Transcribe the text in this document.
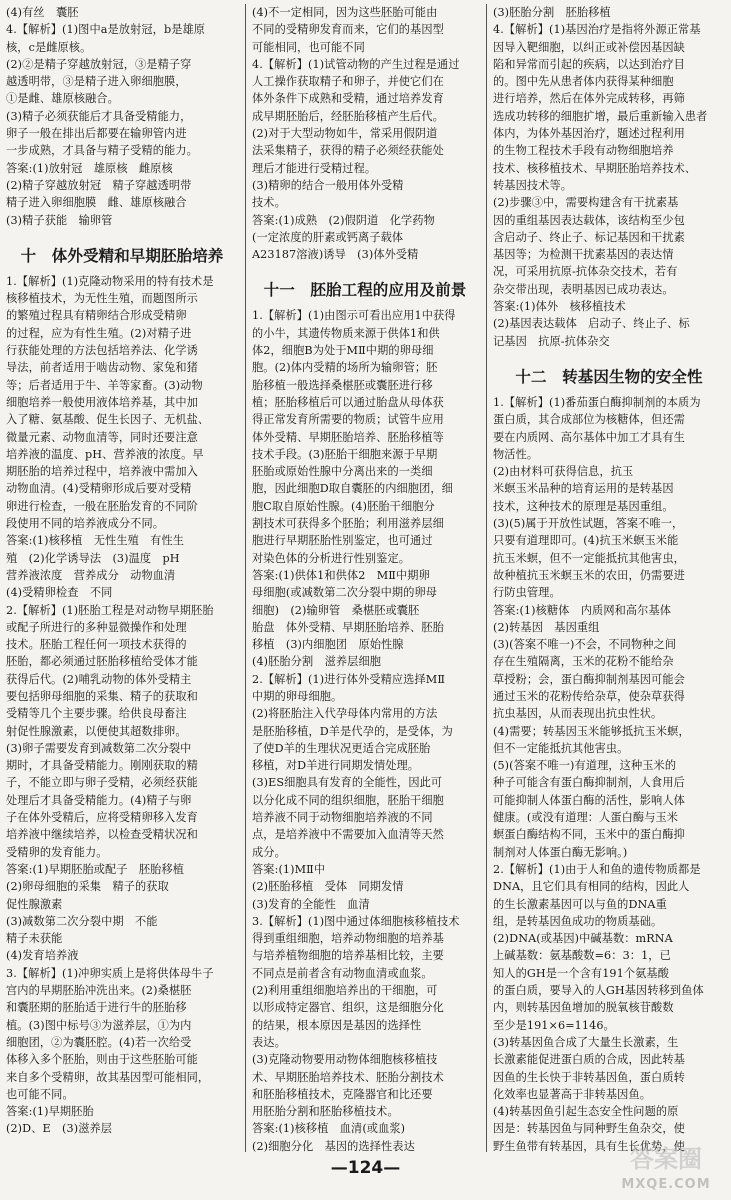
(4)有丝　囊胚
4.【解析】(1)图中a是放射冠，b是雄原
核，c是雌原核。
(2)②是精子穿越放射冠，③是精子穿
越透明带，③是精子进入卵细胞膜，
①是雌、雄原核融合。
(3)精子必须获能后才具备受精能力，
卵子一般在排出后都要在输卵管内进
一步成熟，才具备与精子受精的能力。
答案:(1)放射冠　雄原核　雌原核
(2)精子穿越放射冠　精子穿越透明带
精子进入卵细胞膜　雌、雄原核融合
(3)精子获能　输卵管
十　体外受精和早期胚胎培养
1.【解析】(1)克隆动物采用的特有技术是
核移植技术，为无性生殖，而题图所示
的繁殖过程具有精卵结合形成受精卵
的过程，应为有性生殖。(2)对精子进
行获能处理的方法包括培养法、化学诱
导法，前者适用于啮齿动物、家兔和猪
等；后者适用于牛、羊等家畜。(3)动物
细胞培养一般使用液体培养基，其中加
入了糖、氨基酸、促生长因子、无机盐、
微量元素、动物血清等，同时还要注意
培养液的温度、pH、营养液的浓度。早
期胚胎的培养过程中，培养液中需加入
动物血清。(4)受精卵形成后要对受精
卵进行检查，一般在胚胎发育的不同阶
段使用不同的培养液成分不同。
答案:(1)核移植　无性生殖　有性生
殖　(2)化学诱导法　(3)温度　pH
营养液浓度　营养成分　动物血清
(4)受精卵检查　不同
2.【解析】(1)胚胎工程是对动物早期胚胎
或配子所进行的多种显微操作和处理
技术。胚胎工程任何一项技术获得的
胚胎，都必须通过胚胎移植给受体才能
获得后代。(2)哺乳动物的体外受精主
要包括卵母细胞的采集、精子的获取和
受精等几个主要步骤。给供良母畜注
射促性腺激素，以便使其超数排卵。
(3)卵子需要发育到减数第二次分裂中
期时，才具备受精能力。刚刚获取的精
子，不能立即与卵子受精，必须经获能
处理后才具备受精能力。(4)精子与卵
子在体外受精后，应将受精卵移入发育
培养液中继续培养，以检查受精状况和
受精卵的发育能力。
答案:(1)早期胚胎或配子　胚胎移植
(2)卵母细胞的采集　精子的获取
促性腺激素
(3)减数第二次分裂中期　不能
精子未获能
(4)发育培养液
3.【解析】(1)冲卵实质上是将供体母牛子
宫内的早期胚胎冲洗出来。(2)桑椹胚
和囊胚期的胚胎适于进行牛的胚胎移
植。(3)图中标号③为滋养层，①为内
细胞团，②为囊胚腔。(4)若一次给受
体移入多个胚胎，则由于这些胚胎可能
来自多个受精卵，故其基因型可能相同，
也可能不同。
答案:(1)早期胚胎
(2)D、E　(3)滋养层
(4)不一定相同，因为这些胚胎可能由
不同的受精卵发育而来，它们的基因型
可能相同，也可能不同
4.【解析】(1)试管动物的产生过程是通过
人工操作获取精子和卵子，并使它们在
体外条件下成熟和受精，通过培养发育
成早期胚胎后，经胚胎移植产生后代。
(2)对于大型动物如牛，常采用假阴道
法采集精子，获得的精子必须经获能处
理后才能进行受精过程。
(3)精卵的结合一般用体外受精
技术。
答案:(1)成熟　(2)假阴道　化学药物
(一定浓度的肝素或钙离子载体
A23187溶液)诱导　(3)体外受精
十一　胚胎工程的应用及前景
1.【解析】(1)由图示可看出应用1中获得
的小牛，其遗传物质来源于供体1和供
体2，细胞B为处于MⅡ中期的卵母细
胞。(2)体内受精的场所为输卵管；胚
胎移植一般选择桑椹胚或囊胚进行移
植；胚胎移植后可以通过胎盘从母体获
得正常发育所需要的物质；试管牛应用
体外受精、早期胚胎培养、胚胎移植等
技术手段。(3)胚胎干细胞来源于早期
胚胎或原始性腺中分离出来的一类细
胞，因此细胞D取自囊胚的内细胞团，细
胞C取自原始性腺。(4)胚胎干细胞分
割技术可获得多个胚胎；利用滋养层细
胞进行早期胚胎性别鉴定，也可通过
对染色体的分析进行性别鉴定。
答案:(1)供体1和供体2　MⅡ中期卵
母细胞(或减数第二次分裂中期的卵母
细胞)　(2)输卵管　桑椹胚或囊胚
胎盘　体外受精、早期胚胎培养、胚胎
移植　(3)内细胞团　原始性腺
(4)胚胎分割　滋养层细胞
2.【解析】(1)进行体外受精应选择MⅡ
中期的卵母细胞。
(2)将胚胎注入代孕母体内常用的方法
是胚胎移植，D羊是代孕的，是受体，为
了使D羊的生理状况更适合完成胚胎
移植，对D羊进行同期发情处理。
(3)ES细胞具有发育的全能性，因此可
以分化成不同的组织细胞，胚胎干细胞
培养液不同于动物细胞培养液的不同
点，是培养液中不需要加入血清等天然
成分。
答案:(1)MⅡ中
(2)胚胎移植　受体　同期发情
(3)发育的全能性　血清
3.【解析】(1)图中通过体细胞核移植技术
得到重组细胞，培养动物细胞的培养基
与培养植物细胞的培养基相比较，主要
不同点是前者含有动物血清或血浆。
(2)利用重组细胞培养出的干细胞，可
以形成特定器官、组织，这是细胞分化
的结果，根本原因是基因的选择性
表达。
(3)克隆动物要用动物体细胞核移植技
术、早期胚胎培养技术、胚胎分割技术
和胚胎移植技术，克隆器官和比还要
用胚胎分割和胚胎移植技术。
答案:(1)核移植　血清(或血浆)
(2)细胞分化　基因的选择性表达
(3)胚胎分割　胚胎移植
4.【解析】(1)基因治疗是指将外源正常基
因导入靶细胞，以纠正或补偿因基因缺
陷和异常而引起的疾病，以达到治疗目
的。图中先从患者体内获得某种细胞
进行培养，然后在体外完成转移，再筛
选成功转移的细胞扩增，最后重新输入患者
体内，为体外基因治疗，题述过程利用
的生物工程技术手段有动物细胞培养
技术、核移植技术、早期胚胎培养技术、
转基因技术等。
(2)步骤③中，需要构建含有干扰素基
因的重组基因表达载体，该结构至少包
含启动子、终止子、标记基因和干扰素
基因等；为检测干扰素基因的表达情
况，可采用抗原-抗体杂交技术，若有
杂交带出现，表明基因已成功表达。
答案:(1)体外　核移植技术
(2)基因表达载体　启动子、终止子、标
记基因　抗原-抗体杂交
十二　转基因生物的安全性
1.【解析】(1)番茄蛋白酶抑制剂的本质为
蛋白质，其合成部位为核糖体，但还需
要在内质网、高尔基体中加工才具有生
物活性。
(2)由材料可获得信息，抗玉
米螟玉米品种的培育运用的是转基因
技术，这种技术的原理是基因重组。
(3)(5)属于开放性试题，答案不唯一，
只要有道理即可。(4)抗玉米螟玉米能
抗玉米螟，但不一定能抵抗其他害虫，
故种植抗玉米螟玉米的农田，仍需要进
行防虫管理。
答案:(1)核糖体　内质网和高尔基体
(2)转基因　基因重组
(3)(答案不唯一)不会，不同物种之间
存在生殖隔离，玉米的花粉不能给杂
草授粉；会，蛋白酶抑制剂基因可能会
通过玉米的花粉传给杂草，使杂草获得
抗虫基因，从而表现出抗虫性状。
(4)需要；转基因玉米能够抵抗玉米螟，
但不一定能抵抗其他害虫。
(5)(答案不唯一)有道理，这种玉米的
种子可能含有蛋白酶抑制剂，人食用后
可能抑制人体蛋白酶的活性，影响人体
健康。(或没有道理：人蛋白酶与玉米
螟蛋白酶结构不同，玉米中的蛋白酶抑
制剂对人体蛋白酶无影响。)
2.【解析】(1)由于人和鱼的遗传物质都是
DNA，且它们具有相同的结构，因此人
的生长激素基因可以与鱼的DNA重
组，是转基因鱼成功的物质基础。
(2)DNA(或基因)中碱基数：mRNA
上碱基数：氨基酸数=6：3：1，已
知人的GH是一个含有191个氨基酸
的蛋白质，要导入的人GH基因转移到鱼体
内，则转基因鱼增加的脱氧核苷酸数
至少是191×6=1146。
(3)转基因鱼合成了大量生长激素，生
长激素能促进蛋白质的合成，因此转基
因鱼的生长快于非转基因鱼，蛋白质转
化效率也显著高于非转基因鱼。
(4)转基因鱼引起生态安全性问题的原
因是：转基因鱼与同种野生鱼杂交，使
野生鱼带有转基因，具有生长优势，使
—124—	答案圈
MXQE.COM
